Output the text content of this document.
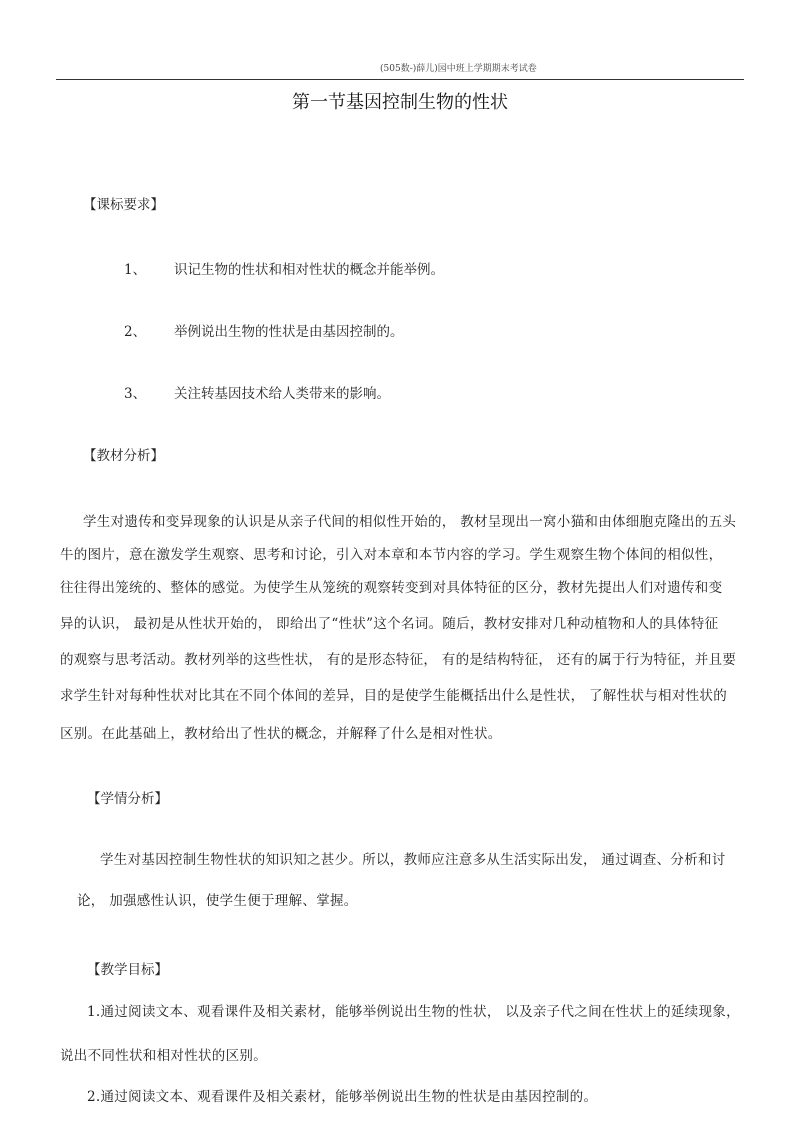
(505数-)薛儿)园中班上学期期末考试卷
第一节基因控制生物的性状
【课标要求】
1、 识记生物的性状和相对性状的概念并能举例。
2、 举例说出生物的性状是由基因控制的。
3、 关注转基因技术给人类带来的影响。
【教材分析】
学生对遗传和变异现象的认识是从亲子代间的相似性开始的， 教材呈现出一窝小猫和由体细胞克隆出的五头
牛的图片，意在激发学生观察、思考和讨论，引入对本章和本节内容的学习。学生观察生物个体间的相似性，
往往得出笼统的、整体的感觉。为使学生从笼统的观察转变到对具体特征的区分，教材先提出人们对遗传和变
异的认识， 最初是从性状开始的， 即给出了“性状”这个名词。随后，教材安排对几种动植物和人的具体特征
的观察与思考活动。教材列举的这些性状， 有的是形态特征， 有的是结构特征， 还有的属于行为特征，并且要
求学生针对每种性状对比其在不同个体间的差异，目的是使学生能概括出什么是性状， 了解性状与相对性状的
区别。在此基础上，教材给出了性状的概念，并解释了什么是相对性状。
【学情分析】
学生对基因控制生物性状的知识知之甚少。所以，教师应注意多从生活实际出发， 通过调查、分析和讨
论， 加强感性认识，使学生便于理解、掌握。
【教学目标】
1.通过阅读文本、观看课件及相关素材，能够举例说出生物的性状， 以及亲子代之间在性状上的延续现象，
说出不同性状和相对性状的区别。
2.通过阅读文本、观看课件及相关素材，能够举例说出生物的性状是由基因控制的。
